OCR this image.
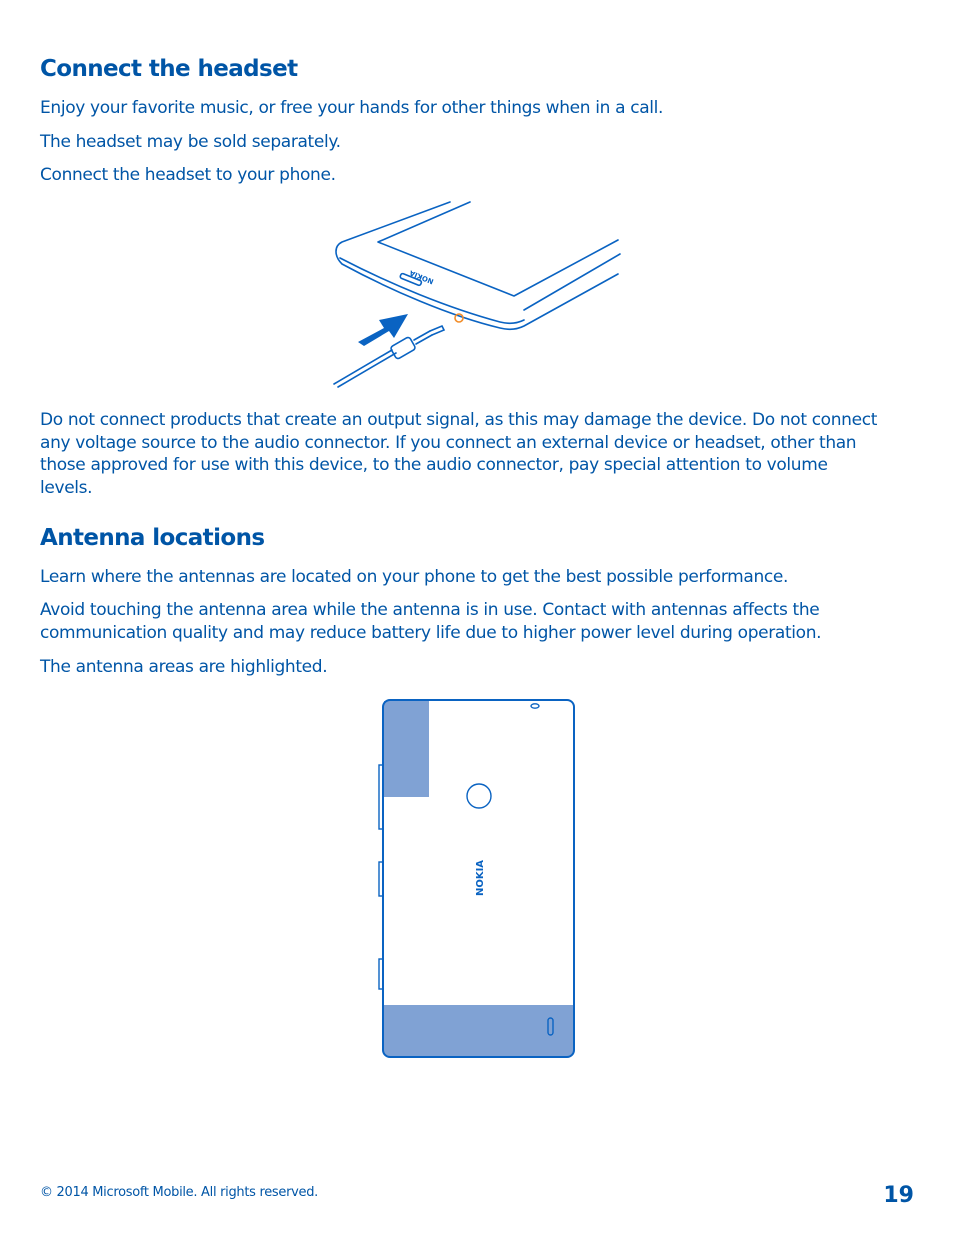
Connect the headset

Enjoy your favorite music, or free your hands for other things when in a call.

The headset may be sold separately.

Connect the headset to your phone.

NOKIA
Do not connect products that create an output signal, as this may damage the device. Do not connect
any voltage source to the audio connector. If you connect an external device or headset, other than
those approved for use with this device, to the audio connector, pay special attention to volume
levels.
Antenna locations

Learn where the antennas are located on your phone to get the best possible performance.

Avoid touching the antenna area while the antenna is in use. Contact with antennas affects the
communication quality and may reduce battery life due to higher power level during operation.

The antenna areas are highlighted.

NOKIA
© 2014 Microsoft Mobile. All rights reserved.	19
